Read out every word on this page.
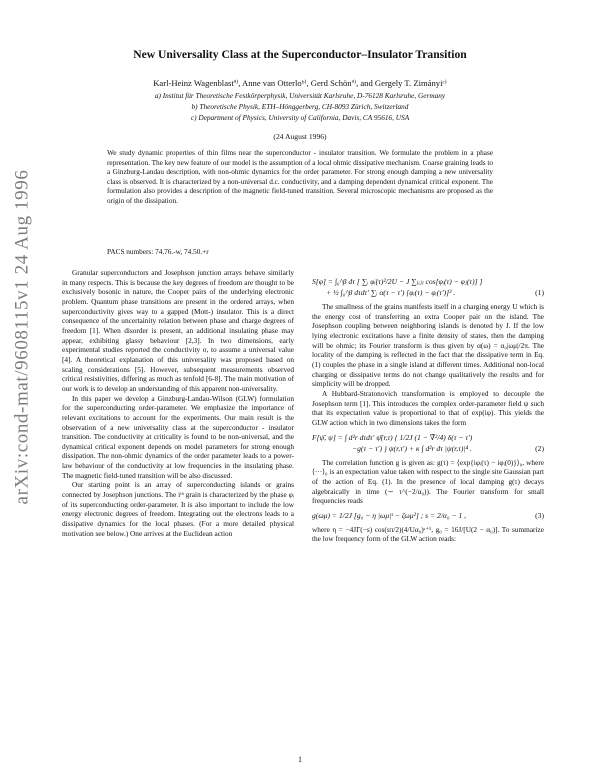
arXiv:cond-mat/9608115v1 24 Aug 1996
New Universality Class at the Superconductor–Insulator Transition
Karl-Heinz Wagenblastª⁾, Anne van Otterloᵇ⁾, Gerd Schönª⁾, and Gergely T. Zimányiᶜ⁾
a) Institut für Theoretische Festkörperphysik, Universität Karlsruhe, D-76128 Karlsruhe, Germany
b) Theoretische Physik, ETH–Hönggerberg, CH-8093 Zürich, Switzerland
c) Department of Physics, University of California, Davis, CA 95616, USA
(24 August 1996)
We study dynamic properties of thin films near the superconductor - insulator transition. We formulate the problem in a phase representation. The key new feature of our model is the assumption of a local ohmic dissipative mechanism. Coarse graining leads to a Ginzburg-Landau description, with non-ohmic dynamics for the order parameter. For strong enough damping a new universality class is observed. It is characterized by a non-universal d.c. conductivity, and a damping dependent dynamical critical exponent. The formulation also provides a description of the magnetic field-tuned transition. Several microscopic mechanisms are proposed as the origin of the dissipation.
PACS numbers: 74.76.-w, 74.50.+r

Granular superconductors and Josephson junction arrays behave similarly in many respects. This is because the key degrees of freedom are thought to be exclusively bosonic in nature, the Cooper pairs of the underlying electronic problem. Quantum phase transitions are present in the ordered arrays, when superconductivity gives way to a gapped (Mott-) insulator. This is a direct consequence of the uncertainity relation between phase and charge degrees of freedom [1]. When disorder is present, an additional insulating phase may appear, exhibiting glassy behaviour [2,3]. In two dimensions, early experimental studies reported the conductivity σ, to assume a universal value [4]. A theoretical explanation of this universality was proposed based on scaling considerations [5]. However, subsequent measurements observed critical resistivities, differing as much as tenfold [6-8]. The main motivation of our work is to develop an understanding of this apparent non-universality.

In this paper we develop a Ginzburg-Landau-Wilson (GLW) formulation for the superconducting order-parameter. We emphasize the importance of relevant excitations to account for the experiments. Our main result is the observation of a new universality class at the superconductor - insulator transition. The conductivity at criticality is found to be non-universal, and the dynamical critical exponent depends on model parameters for strong enough dissipation. The non-ohmic dynamics of the order parameter leads to a power-law behaviour of the conductivity at low frequencies in the insulating phase. The magnetic field-tuned transition will be also discussed.

Our starting point is an array of superconducting islands or grains connected by Josephson junctions. The iᵗʰ grain is characterized by the phase φᵢ of its superconducting order-parameter. It is also important to include the low energy electronic degrees of freedom. Integrating out the electrons leads to a dissipative dynamics for the local phases. (For a more detailed physical motivation see below.) One arrives at the Euclidean action

S[φ] = ∫₀^β dτ [ ∑ᵢ φ̇ᵢ(τ)²/2U − J ∑₍ᵢⱼ₎ cos[φᵢ(τ) − φⱼ(τ)] ]
+ ½ ∫₀^β dτdτ′ ∑ᵢ α(τ − τ′) [φᵢ(τ) − φᵢ(τ′)]² .	(1)

The smallness of the grains manifests itself in a charging energy U which is the energy cost of transferring an extra Cooper pair on the island. The Josephson coupling between neighboring islands is denoted by J. If the low lying electronic excitations have a finite density of states, then the damping will be ohmic; its Fourier transform is thus given by α(ω) = α₀|ωμ|/2π. The locality of the damping is reflected in the fact that the dissipative term in Eq. (1) couples the phase in a single island at different times. Additional non-local charging or dissipative terms do not change qualitatively the results and for simplicity will be dropped.

A Hubbard-Stratonovich transformation is employed to decouple the Josephson term [1]. This introduces the complex order-parameter field ψ such that its expectation value is proportional to that of exp(iφ). This yields the GLW action which in two dimensions takes the form

F[ψ̄, ψ] = ∫ d²r dτdτ′ ψ̄(r,τ) { 1/2J (1 − ∇̃²/4) δ(τ − τ′)
−g(τ − τ′) } ψ(r,τ′) + κ ∫ d²r dτ |ψ(r,τ)|⁴ .	(2)

The correlation function g is given as: g(τ) = ⟨exp{iφᵢ(τ) − iφᵢ(0)}⟩₀, where ⟨···⟩₀ is an expectation value taken with respect to the single site Gaussian part of the action of Eq. (1). In the presence of local damping g(τ) decays algebraically in time (∼ τ^(−2/α₀)). The Fourier transform for small frequencies reads

g(ωμ) = 1/2J [g₀ − η |ωμ|ˢ − ζωμ²] ; s = 2/α₀ − 1 ,	(3)

where η = −4JΓ(−s) cos(sπ/2)(4/Uα₀)ˢ⁺¹, g₀ = 16J/[U(2 − α₀)]. To summarize the low frequency form of the GLW action reads:

1
